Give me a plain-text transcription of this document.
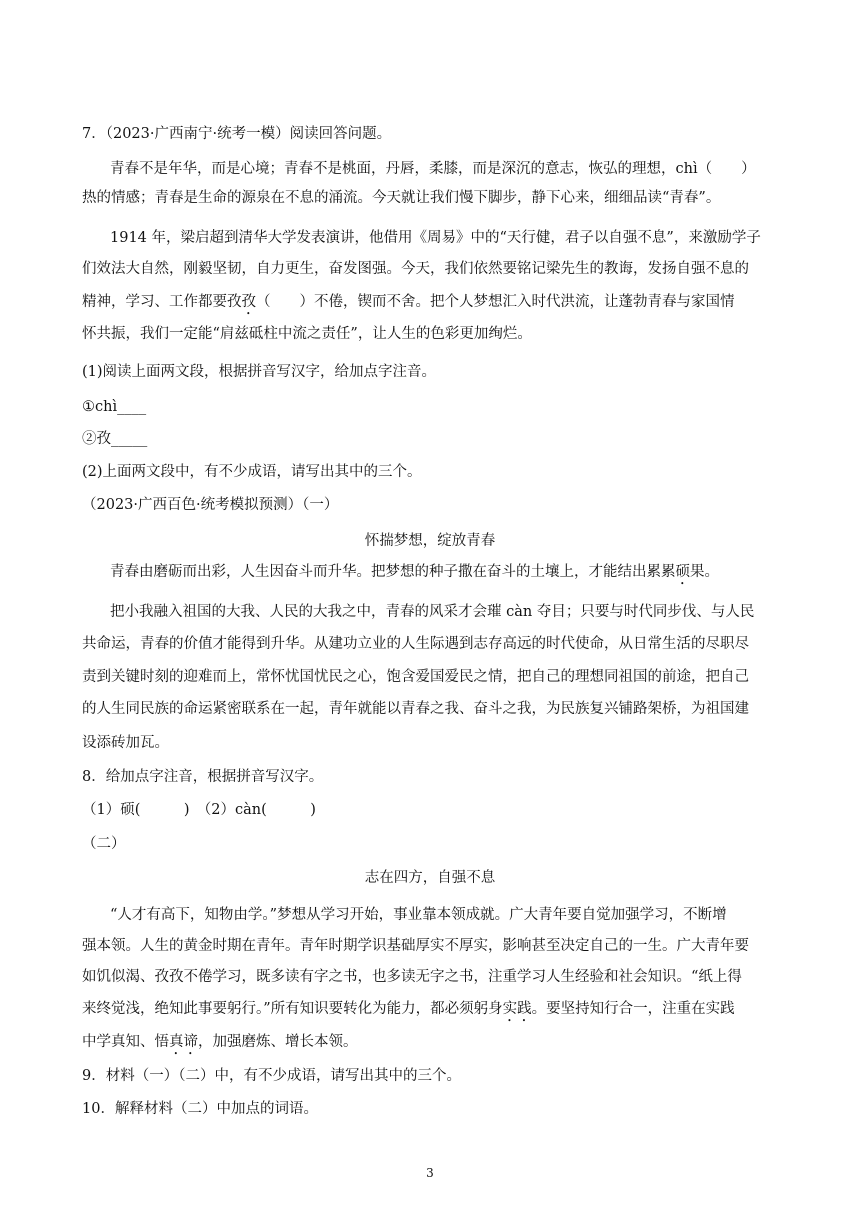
7．（2023·广西南宁·统考一模）阅读回答问题。
青春不是年华，而是心境；青春不是桃面，丹唇，柔膝，而是深沉的意志，恢弘的理想，chì（　　）
热的情感；青春是生命的源泉在不息的涌流。今天就让我们慢下脚步，静下心来，细细品读“青春”。
1914 年，梁启超到清华大学发表演讲，他借用《周易》中的“天行健，君子以自强不息”，来激励学子
们效法大自然，刚毅坚韧，自力更生，奋发图强。今天，我们依然要铭记梁先生的教诲，发扬自强不息的
精神，学习、工作都要孜孜（　　）不倦，锲而不舍。把个人梦想汇入时代洪流，让蓬勃青春与家国情
怀共振，我们一定能“肩兹砥柱中流之责任”，让人生的色彩更加绚烂。
(1)阅读上面两文段，根据拼音写汉字，给加点字注音。
①chì____
②孜_____
(2)上面两文段中，有不少成语，请写出其中的三个。
（2023·广西百色·统考模拟预测）（一）
怀揣梦想，绽放青春
青春由磨砺而出彩，人生因奋斗而升华。把梦想的种子撒在奋斗的土壤上，才能结出累累硕果。
把小我融入祖国的大我、人民的大我之中，青春的风采才会璀 càn 夺目；只要与时代同步伐、与人民
共命运，青春的价值才能得到升华。从建功立业的人生际遇到志存高远的时代使命，从日常生活的尽职尽
责到关键时刻的迎难而上，常怀忧国忧民之心，饱含爱国爱民之情，把自己的理想同祖国的前途，把自己
的人生同民族的命运紧密联系在一起，青年就能以青春之我、奋斗之我，为民族复兴铺路架桥，为祖国建
设添砖加瓦。
8．给加点字注音，根据拼音写汉字。
（1）硕(　　　)　（2）càn(　　　)
（二）
志在四方，自强不息
“人才有高下，知物由学。”梦想从学习开始，事业靠本领成就。广大青年要自觉加强学习，不断增
强本领。人生的黄金时期在青年。青年时期学识基础厚实不厚实，影响甚至决定自己的一生。广大青年要
如饥似渴、孜孜不倦学习，既多读有字之书，也多读无字之书，注重学习人生经验和社会知识。“纸上得
来终觉浅，绝知此事要躬行。”所有知识要转化为能力，都必须躬身实践。要坚持知行合一，注重在实践
中学真知、悟真谛，加强磨炼、增长本领。
9．材料（一）（二）中，有不少成语，请写出其中的三个。
10．解释材料（二）中加点的词语。
3
